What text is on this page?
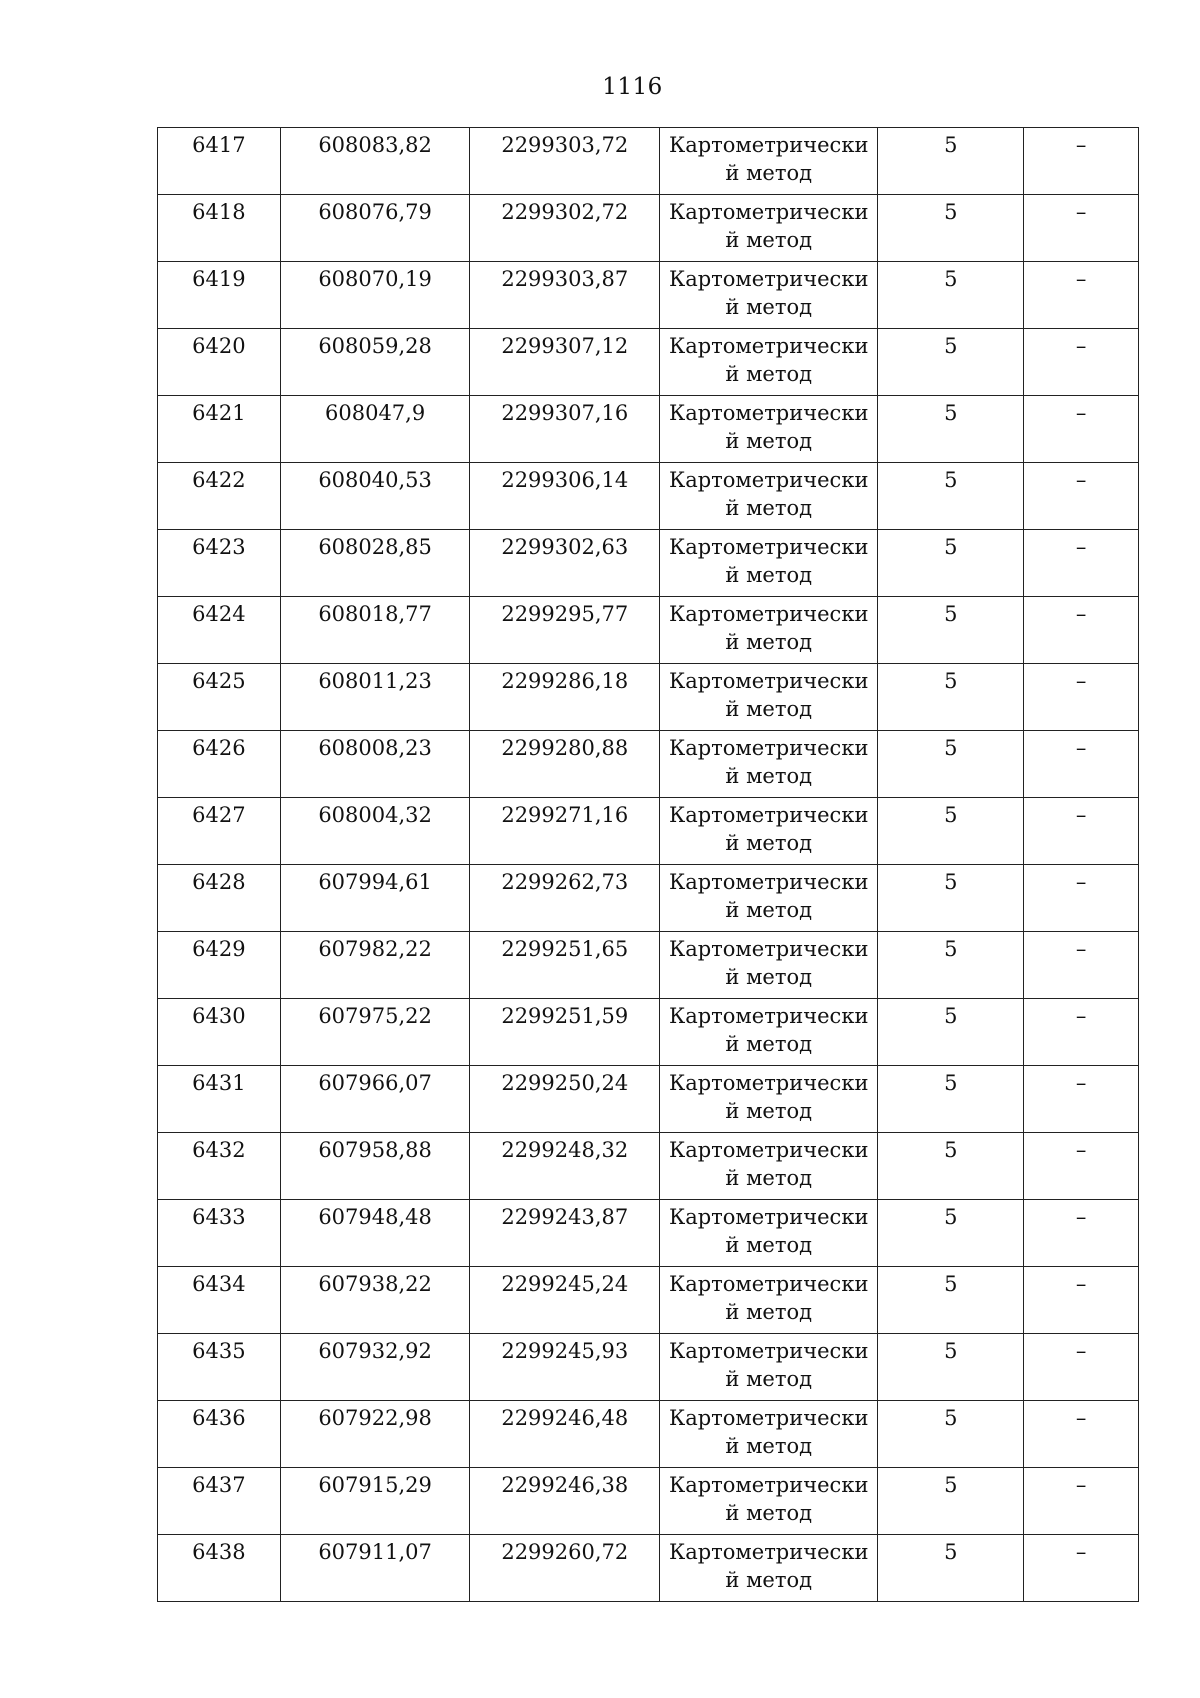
1116
6417	608083,82	2299303,72	Картометрически й метод	5	–
6418	608076,79	2299302,72	Картометрически й метод	5	–
6419	608070,19	2299303,87	Картометрически й метод	5	–
6420	608059,28	2299307,12	Картометрически й метод	5	–
6421	608047,9	2299307,16	Картометрически й метод	5	–
6422	608040,53	2299306,14	Картометрически й метод	5	–
6423	608028,85	2299302,63	Картометрически й метод	5	–
6424	608018,77	2299295,77	Картометрически й метод	5	–
6425	608011,23	2299286,18	Картометрически й метод	5	–
6426	608008,23	2299280,88	Картометрически й метод	5	–
6427	608004,32	2299271,16	Картометрически й метод	5	–
6428	607994,61	2299262,73	Картометрически й метод	5	–
6429	607982,22	2299251,65	Картометрически й метод	5	–
6430	607975,22	2299251,59	Картометрически й метод	5	–
6431	607966,07	2299250,24	Картометрически й метод	5	–
6432	607958,88	2299248,32	Картометрически й метод	5	–
6433	607948,48	2299243,87	Картометрически й метод	5	–
6434	607938,22	2299245,24	Картометрически й метод	5	–
6435	607932,92	2299245,93	Картометрически й метод	5	–
6436	607922,98	2299246,48	Картометрически й метод	5	–
6437	607915,29	2299246,38	Картометрически й метод	5	–
6438	607911,07	2299260,72	Картометрически й метод	5	–
